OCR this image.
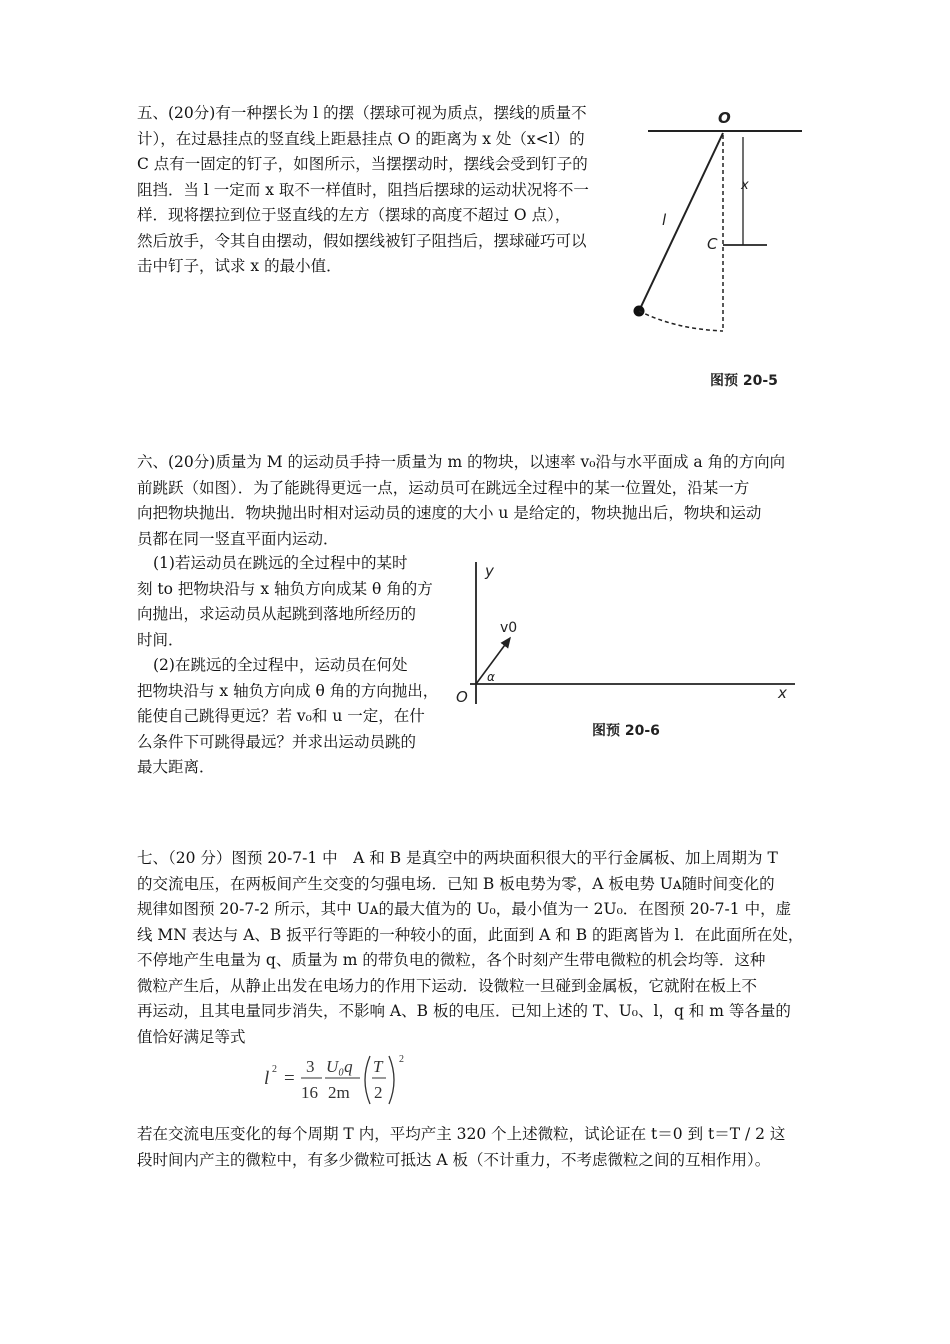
五、(20分)有一种摆长为 l 的摆（摆球可视为质点，摆线的质量不
计），在过悬挂点的竖直线上距悬挂点 O 的距离为 x 处（x<l）的
C 点有一固定的钉子，如图所示，当摆摆动时，摆线会受到钉子的
阻挡．当 l 一定而 x 取不一样值时，阻挡后摆球的运动状况将不一
样．现将摆拉到位于竖直线的左方（摆球的高度不超过 O 点），
然后放手，令其自由摆动，假如摆线被钉子阻挡后，摆球碰巧可以
击中钉子，试求 x 的最小值．
O
x
C
l
图预 20-5
六、(20分)质量为 M 的运动员手持一质量为 m 的物块，以速率 v₀沿与水平面成 a 角的方向向
前跳跃（如图）．为了能跳得更远一点，运动员可在跳远全过程中的某一位置处，沿某一方
向把物块抛出．物块抛出时相对运动员的速度的大小 u 是给定的，物块抛出后，物块和运动
员都在同一竖直平面内运动．
(1)若运动员在跳远的全过程中的某时
刻 to 把物块沿与 x 轴负方向成某 θ 角的方
向抛出，求运动员从起跳到落地所经历的
时间．
(2)在跳远的全过程中，运动员在何处
把物块沿与 x 轴负方向成 θ 角的方向抛出，
能使自己跳得更远？若 v₀和 u 一定，在什
么条件下可跳得最远？并求出运动员跳的
最大距离．
y
x
O
v0
α
图预 20-6
七、（20 分）图预 20-7-1 中　A 和 B 是真空中的两块面积很大的平行金属板、加上周期为 T
的交流电压，在两板间产生交变的匀强电场．已知 B 板电势为零，A 板电势 Uᴀ随时间变化的
规律如图预 20-7-2 所示，其中 Uᴀ的最大值为的 U₀，最小值为一 2U₀．在图预 20-7-1 中，虚
线 MN 表达与 A、B 扳平行等距的一种较小的面，此面到 A 和 B 的距离皆为 l．在此面所在处，
不停地产生电量为 q、质量为 m 的带负电的微粒，各个时刻产生带电微粒的机会均等．这种
微粒产生后，从静止出发在电场力的作用下运动．设微粒一旦碰到金属板，它就附在板上不
再运动，且其电量同步消失，不影响 A、B 板的电压．已知上述的 T、U₀、l，q 和 m 等各量的
值恰好满足等式
l 2 =
3
16
U₀q
2m
T
2
2
若在交流电压变化的每个周期 T 内，平均产主 320 个上述微粒，试论证在 t＝0 到 t＝T / 2 这
段时间内产主的微粒中，有多少微粒可抵达 A 板（不计重力，不考虑微粒之间的互相作用）。
